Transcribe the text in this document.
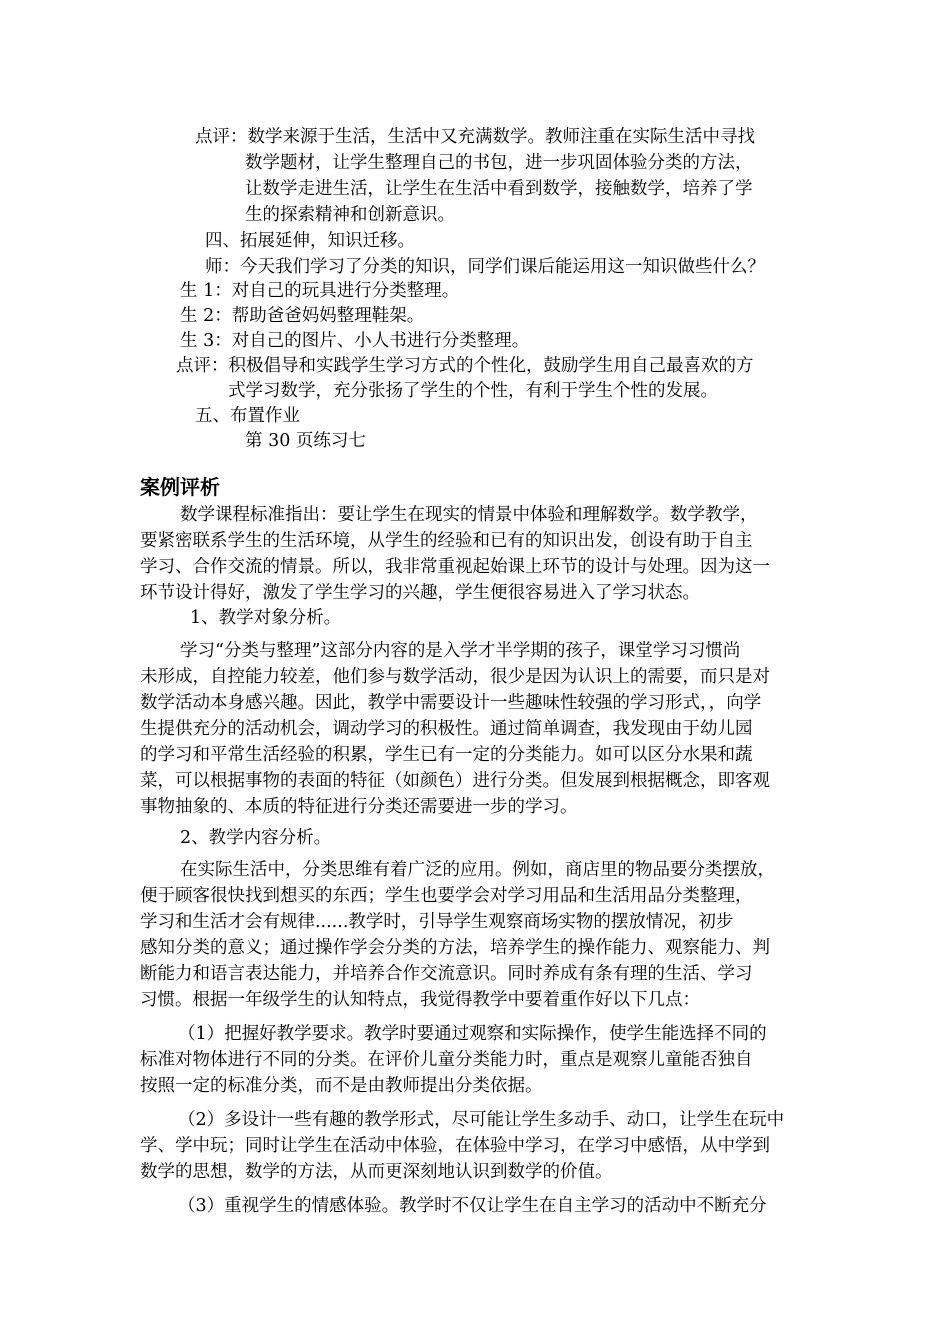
点评：数学来源于生活，生活中又充满数学。教师注重在实际生活中寻找
数学题材，让学生整理自己的书包，进一步巩固体验分类的方法，
让数学走进生活，让学生在生活中看到数学，接触数学，培养了学
生的探索精神和创新意识。
四、拓展延伸，知识迁移。
师：今天我们学习了分类的知识，同学们课后能运用这一知识做些什么？
生 1：对自己的玩具进行分类整理。
生 2：帮助爸爸妈妈整理鞋架。
生 3：对自己的图片、小人书进行分类整理。
点评：积极倡导和实践学生学习方式的个性化，鼓励学生用自己最喜欢的方
式学习数学，充分张扬了学生的个性，有利于学生个性的发展。
五、布置作业
第 30 页练习七
案例评析
数学课程标准指出：要让学生在现实的情景中体验和理解数学。数学教学，
要紧密联系学生的生活环境，从学生的经验和已有的知识出发，创设有助于自主
学习、合作交流的情景。所以，我非常重视起始课上环节的设计与处理。因为这一
环节设计得好，激发了学生学习的兴趣，学生便很容易进入了学习状态。
1、教学对象分析。
学习“分类与整理”这部分内容的是入学才半学期的孩子，课堂学习习惯尚
未形成，自控能力较差，他们参与数学活动，很少是因为认识上的需要，而只是对
数学活动本身感兴趣。因此，教学中需要设计一些趣味性较强的学习形式，，向学
生提供充分的活动机会，调动学习的积极性。通过简单调查，我发现由于幼儿园
的学习和平常生活经验的积累，学生已有一定的分类能力。如可以区分水果和蔬
菜，可以根据事物的表面的特征（如颜色）进行分类。但发展到根据概念，即客观
事物抽象的、本质的特征进行分类还需要进一步的学习。
2、教学内容分析。
在实际生活中，分类思维有着广泛的应用。例如，商店里的物品要分类摆放，
便于顾客很快找到想买的东西；学生也要学会对学习用品和生活用品分类整理，
学习和生活才会有规律......教学时，引导学生观察商场实物的摆放情况，初步
感知分类的意义；通过操作学会分类的方法，培养学生的操作能力、观察能力、判
断能力和语言表达能力，并培养合作交流意识。同时养成有条有理的生活、学习
习惯。根据一年级学生的认知特点，我觉得教学中要着重作好以下几点：
（1）把握好教学要求。教学时要通过观察和实际操作，使学生能选择不同的
标准对物体进行不同的分类。在评价儿童分类能力时，重点是观察儿童能否独自
按照一定的标准分类，而不是由教师提出分类依据。
（2）多设计一些有趣的教学形式，尽可能让学生多动手、动口，让学生在玩中
学、学中玩；同时让学生在活动中体验，在体验中学习，在学习中感悟，从中学到
数学的思想，数学的方法，从而更深刻地认识到数学的价值。
（3）重视学生的情感体验。教学时不仅让学生在自主学习的活动中不断充分
